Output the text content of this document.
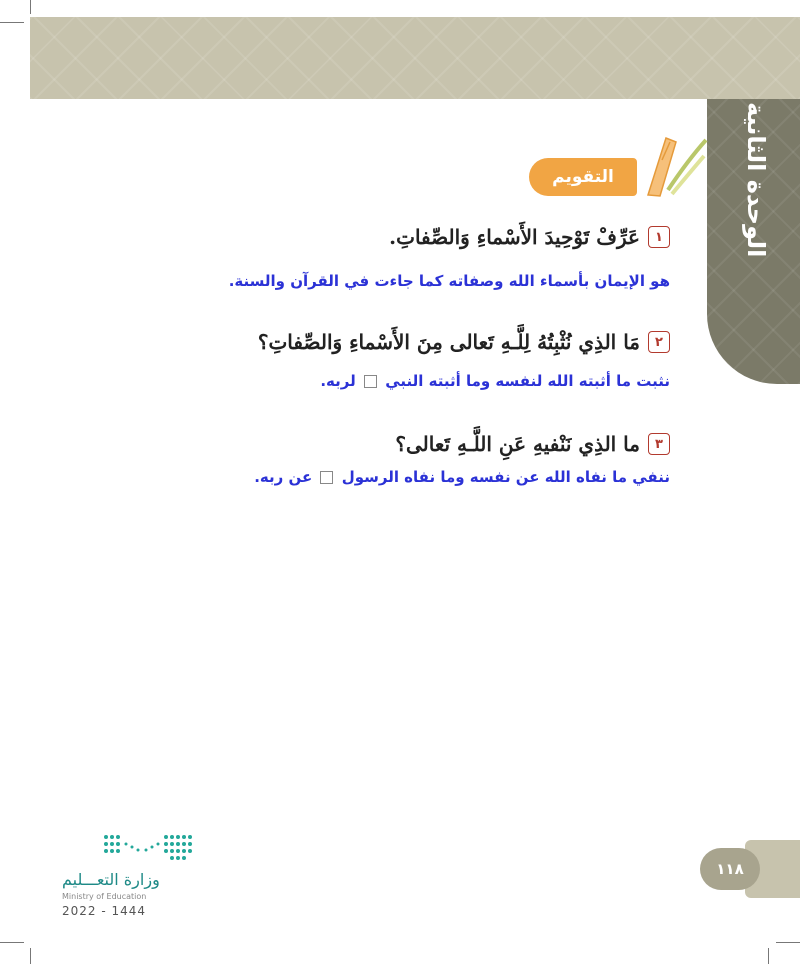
الوحدة الثانية
التقويم
١
عَرِّفْ تَوْحِيدَ الأَسْماءِ وَالصِّفاتِ.
هو الإيمان بأسماء الله وصفاته كما جاءت في القرآن والسنة.
٢
مَا الذِي نُثْبِتُهُ لِلَّـهِ تَعالى مِنَ الأَسْماءِ وَالصِّفاتِ؟
نثبت ما أثبته الله لنفسه وما أثبته النبي  لربه.
٣
ما الذِي نَنْفيهِ عَنِ اللَّـهِ تَعالى؟
ننفي ما نفاه الله عن نفسه وما نفاه الرسول  عن ربه.
١١٨
وزارة التعـــليم
Ministry of Education
2022 - 1444
